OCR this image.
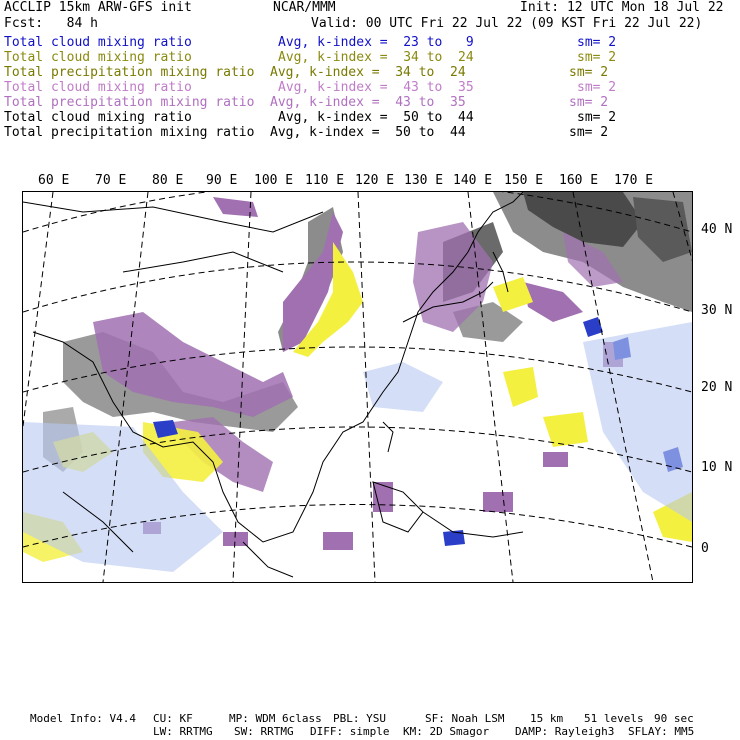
ACCLIP 15km ARW-GFS init	NCAR/MMM	Init: 12 UTC Mon 18 Jul 22
Fcst:   84 h	Valid: 00 UTC Fri 22 Jul 22 (09 KST Fri 22 Jul 22)
Total cloud mixing ratio	Avg, k-index =  23 to   9	sm= 2
Total cloud mixing ratio	Avg, k-index =  34 to  24	sm= 2
Total precipitation mixing ratio Avg, k-index =  34 to  24	sm= 2
Total cloud mixing ratio	Avg, k-index =  43 to  35	sm= 2
Total precipitation mixing ratio Avg, k-index =  43 to  35	sm= 2
Total cloud mixing ratio	Avg, k-index =  50 to  44	sm= 2
Total precipitation mixing ratio Avg, k-index =  50 to  44	sm= 2
60 E 70 E 80 E 90 E 100 E 110 E 120 E 130 E 140 E 150 E 160 E 170 E
40 N
30 N
20 N
10 N
0
Model Info: V4.4 CU: KF	MP: WDM 6class PBL: YSU	SF: Noah LSM 15 km 51 levels 90 sec
LW: RRTMG SW: RRTMG DIFF: simple KM: 2D Smagor DAMP: Rayleigh3 SFLAY: MM5
